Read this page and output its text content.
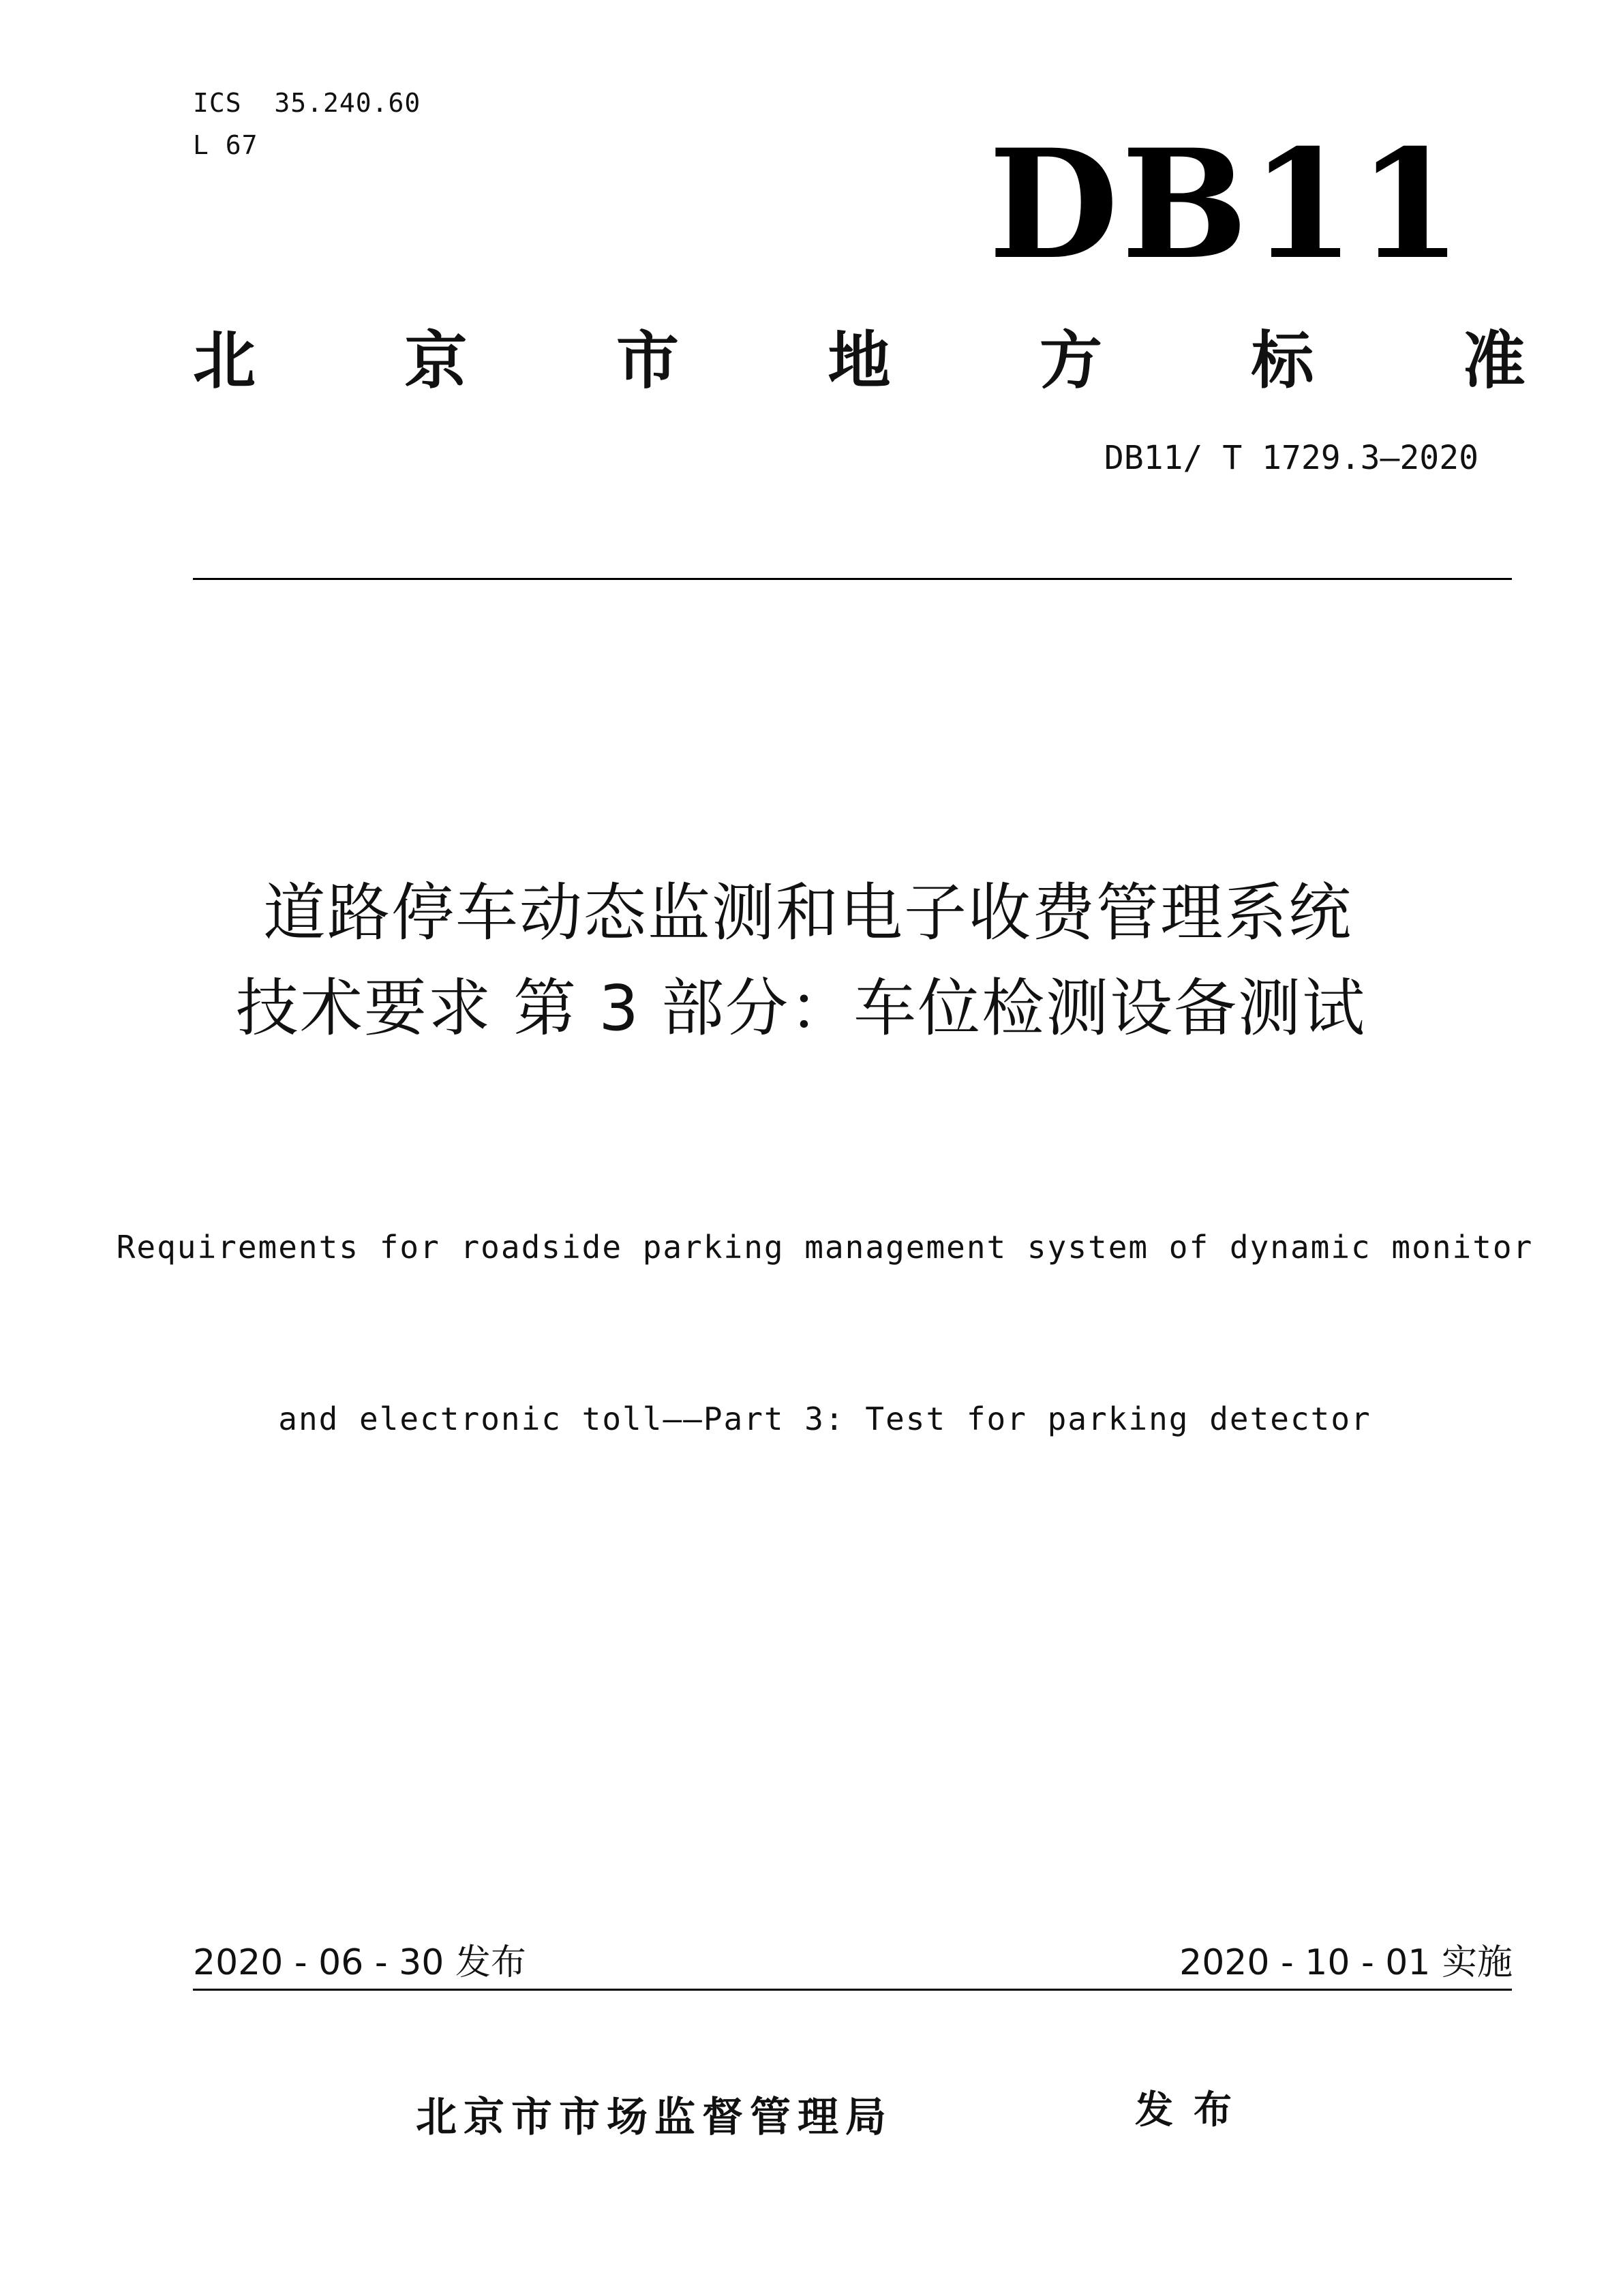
ICS  35.240.60
L 67	DB11
北 京 市 地 方 标 准
DB11/ T 1729.3—2020
道路停车动态监测和电子收费管理系统
技术要求 第 3 部分：车位检测设备测试

Requirements for roadside parking management system of dynamic monitor

and electronic toll——Part 3: Test for parking detector

2020 - 06 - 30 发布	2020 - 10 - 01 实施
北京市市场监督管理局	发布
